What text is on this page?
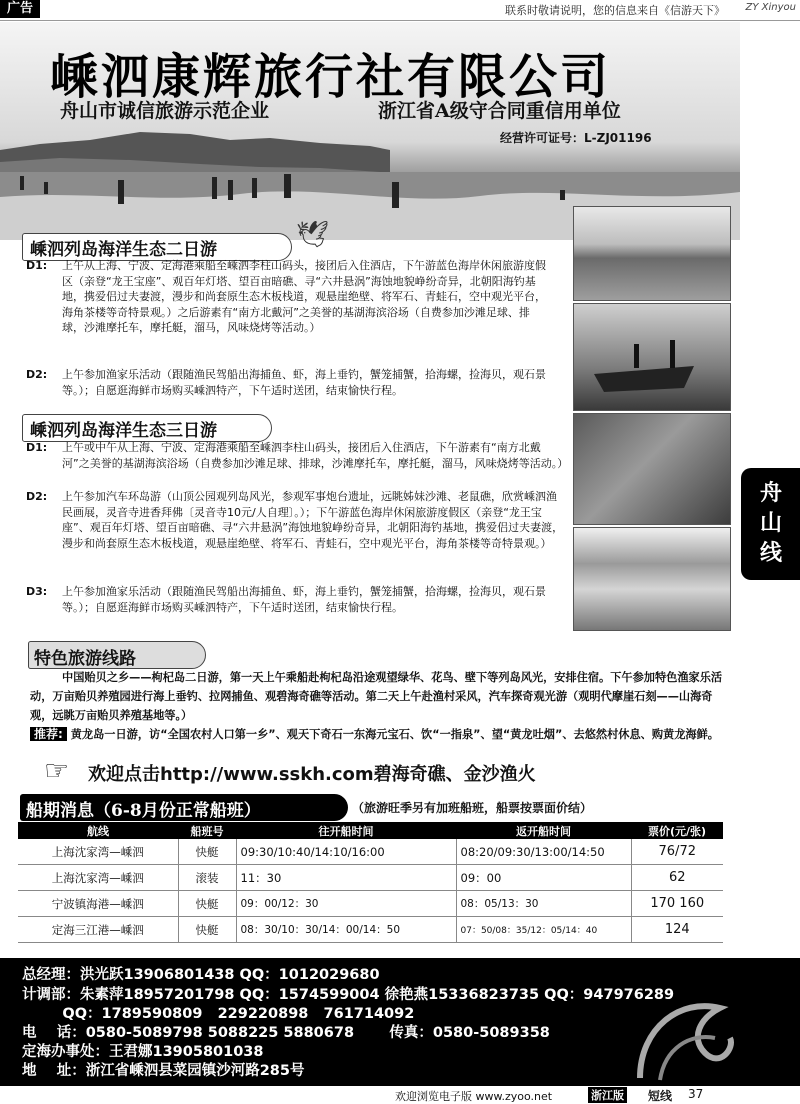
广告	联系时敬请说明，您的信息来自《信游天下》 ZY Xinyou
嵊泗康辉旅行社有限公司
舟山市诚信旅游示范企业	浙江省A级守合同重信用单位
经营许可证号：L-ZJ01196
舟山线
嵊泗列岛海洋生态二日游	🕊
D1: 上午从上海、宁波、定海港乘船至嵊泗李柱山码头，接团后入住酒店，下午游蓝色海岸休闲旅游度假区（亲登“龙王宝座”、观百年灯塔、望百亩暗礁、寻“六井悬涡”海蚀地貌峥纷奇异，北朝阳海钓基地，携爱侣过夫妻渡，漫步和尚套原生态木板栈道，观悬崖绝壁、将军石、青蛙石，空中观光平台，海角茶楼等奇特景观。）之后游素有“南方北戴河”之美誉的基湖海滨浴场（自费参加沙滩足球、排球，沙滩摩托车，摩托艇，溜马，风味烧烤等活动。）
D2: 上午参加渔家乐活动（跟随渔民驾船出海捕鱼、虾，海上垂钓，蟹笼捕蟹，拾海螺，捡海贝，观石景等。）；自愿逛海鲜市场购买嵊泗特产，下午适时送团，结束愉快行程。
嵊泗列岛海洋生态三日游
D1: 上午或中午从上海、宁波、定海港乘船至嵊泗李柱山码头，接团后入住酒店，下午游素有“南方北戴河”之美誉的基湖海滨浴场（自费参加沙滩足球、排球，沙滩摩托车，摩托艇，溜马，风味烧烤等活动。）
D2: 上午参加汽车环岛游（山顶公园观列岛风光，参观军事炮台遗址，远眺姊妹沙滩、老鼠礁，欣赏嵊泗渔民画展，灵音寺进香拜佛〔灵音寺10元/人自理〕。）；下午游蓝色海岸休闲旅游度假区（亲登“龙王宝座”、观百年灯塔、望百亩暗礁、寻“六井悬涡”海蚀地貌峥纷奇异，北朝阳海钓基地，携爱侣过夫妻渡，漫步和尚套原生态木板栈道，观悬崖绝壁、将军石、青蛙石，空中观光平台，海角茶楼等奇特景观。）
D3: 上午参加渔家乐活动（跟随渔民驾船出海捕鱼、虾，海上垂钓，蟹笼捕蟹，拾海螺，捡海贝，观石景等。）；自愿逛海鲜市场购买嵊泗特产，下午适时送团，结束愉快行程。
特色旅游线路
中国贻贝之乡——枸杞岛二日游，第一天上午乘船赴枸杞岛沿途观望绿华、花鸟、壁下等列岛风光，安排住宿。下午参加特色渔家乐活动，万亩贻贝养殖园进行海上垂钓、拉网捕鱼、观碧海奇礁等活动。第二天上午赴渔村采风，汽车探奇观光游（观明代摩崖石刻——山海奇观，远眺万亩贻贝养殖基地等。）
推荐: 黄龙岛一日游，访“全国农村人口第一乡”、观天下奇石一东海元宝石、饮“一指泉”、望“黄龙吐烟”、去悠然村休息、购黄龙海鲜。
☞ 欢迎点击http://www.sskh.com碧海奇礁、金沙渔火
船期消息（6-8月份正常船班）	（旅游旺季另有加班船班，船票按票面价结）
航线	船班号	往开船时间	返开船时间	票价(元/张)
上海沈家湾—嵊泗	快艇	09:30/10:40/14:10/16:00	08:20/09:30/13:00/14:50	76/72
上海沈家湾—嵊泗	滚装	11：30	09：00	62
宁波镇海港—嵊泗	快艇	09：00/12：30	08：05/13：30	170 160
定海三江港—嵊泗	快艇	08：30/10：30/14：00/14：50	07：50/08：35/12：05/14：40	124
总经理：洪光跃13906801438 QQ：1012029680
计调部：朱素萍18957201798 QQ：1574599004 徐艳燕15336823735 QQ：947976289
QQ：1789590809   229220898   761714092
电    话：0580-5089798 5088225 5880678       传真：0580-5089358
定海办事处：王君娜13905801038
地    址：浙江省嵊泗县菜园镇沙河路285号
欢迎浏览电子版 www.zyoo.net	浙江版 短线 37
